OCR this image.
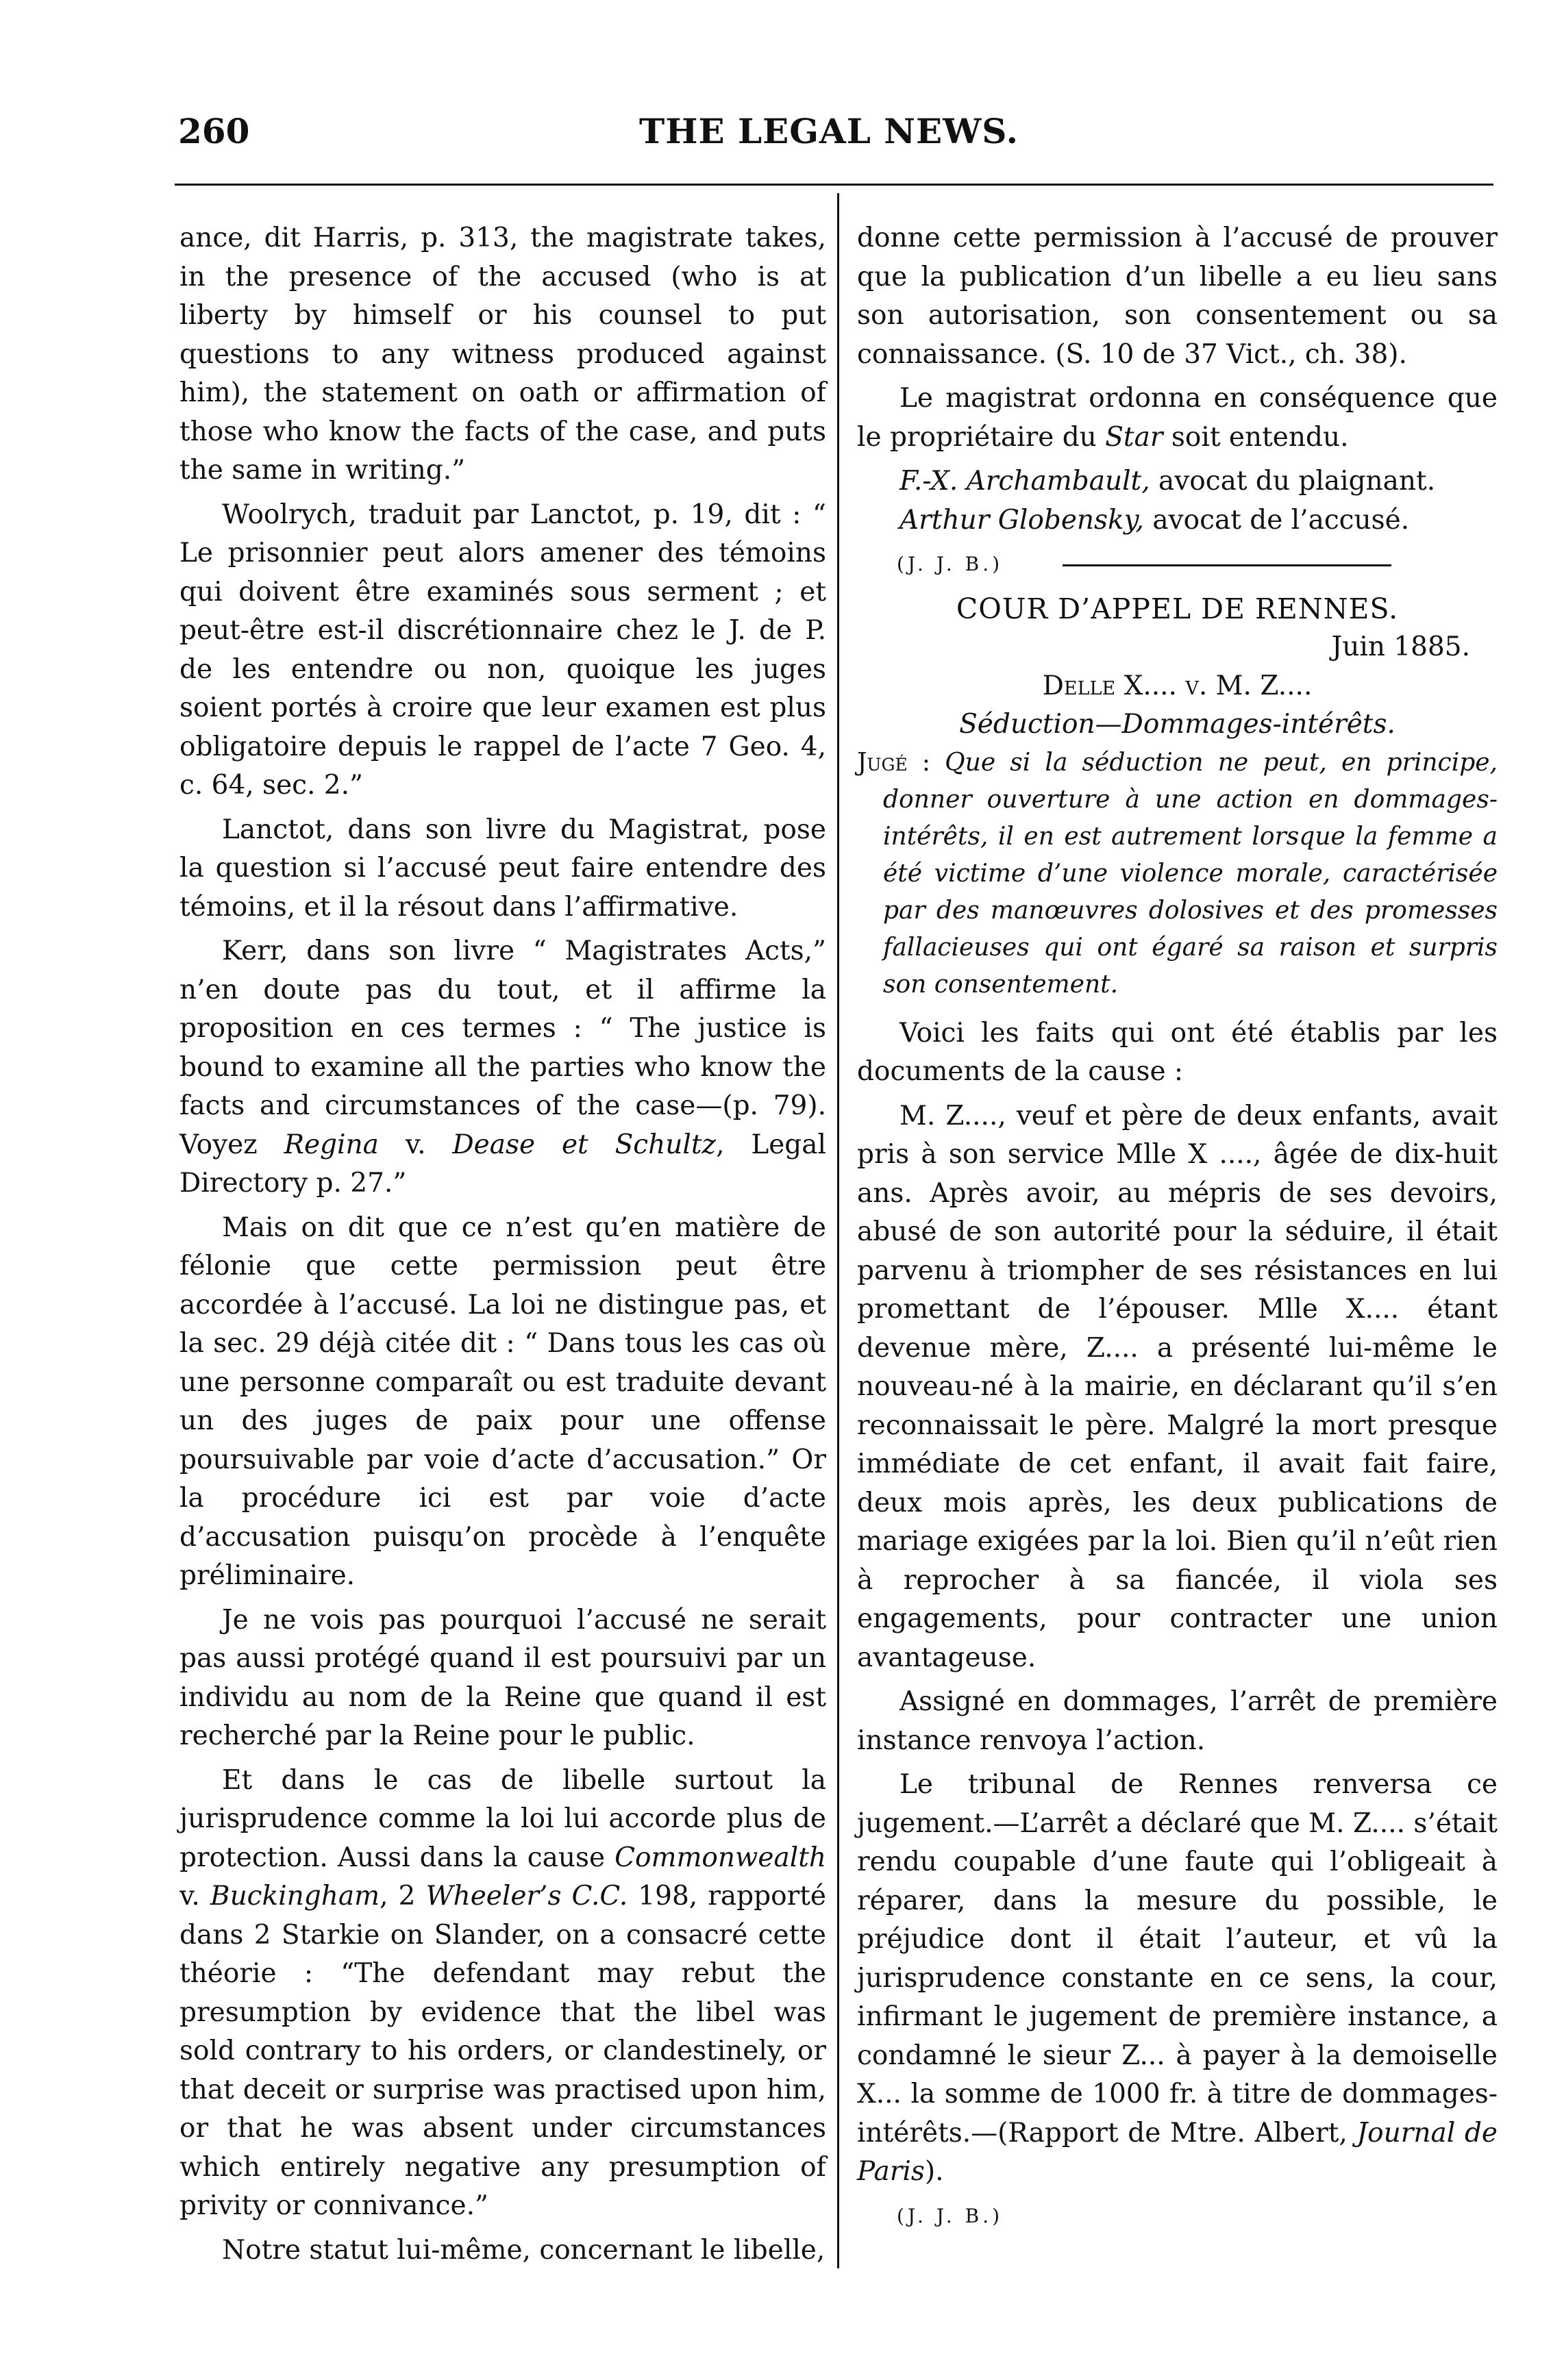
260	THE LEGAL NEWS.

ance, dit Harris, p. 313, the magistrate takes, in the presence of the accused (who is at liberty by himself or his counsel to put questions to any witness produced against him), the statement on oath or affirmation of those who know the facts of the case, and puts the same in writing.”

Woolrych, traduit par Lanctot, p. 19, dit : “ Le prisonnier peut alors amener des témoins qui doivent être examinés sous serment ; et peut-être est-il discrétionnaire chez le J. de P. de les entendre ou non, quoique les juges soient portés à croire que leur examen est plus obligatoire depuis le rappel de l’acte 7 Geo. 4, c. 64, sec. 2.”

Lanctot, dans son livre du Magistrat, pose la question si l’accusé peut faire entendre des témoins, et il la résout dans l’affirmative.

Kerr, dans son livre “ Magistrates Acts,” n’en doute pas du tout, et il affirme la proposition en ces termes : “ The justice is bound to examine all the parties who know the facts and circumstances of the case—(p. 79). Voyez Regina v. Dease et Schultz, Legal Directory p. 27.”

Mais on dit que ce n’est qu’en matière de félonie que cette permission peut être accordée à l’accusé. La loi ne distingue pas, et la sec. 29 déjà citée dit : “ Dans tous les cas où une personne comparaît ou est traduite devant un des juges de paix pour une offense poursuivable par voie d’acte d’accusation.” Or la procédure ici est par voie d’acte d’accusation puisqu’on procède à l’enquête préliminaire.

Je ne vois pas pourquoi l’accusé ne serait pas aussi protégé quand il est poursuivi par un individu au nom de la Reine que quand il est recherché par la Reine pour le public.

Et dans le cas de libelle surtout la jurisprudence comme la loi lui accorde plus de protection. Aussi dans la cause Commonwealth v. Buckingham, 2 Wheeler’s C.C. 198, rapporté dans 2 Starkie on Slander, on a consacré cette théorie : “The defendant may rebut the presumption by evidence that the libel was sold contrary to his orders, or clandestinely, or that deceit or surprise was practised upon him, or that he was absent under circumstances which entirely negative any presumption of privity or connivance.”

Notre statut lui-même, concernant le libelle,

donne cette permission à l’accusé de prouver que la publication d’un libelle a eu lieu sans son autorisation, son consentement ou sa connaissance. (S. 10 de 37 Vict., ch. 38).

Le magistrat ordonna en conséquence que le propriétaire du Star soit entendu.

F.-X. Archambault, avocat du plaignant.

Arthur Globensky, avocat de l’accusé.

(J. J. B.)
COUR D’APPEL DE RENNES.
Juin 1885.
Delle X.... v. M. Z....
Séduction—Dommages-intérêts.
Jugé : Que si la séduction ne peut, en principe, donner ouverture à une action en dommages-intérêts, il en est autrement lorsque la femme a été victime d’une violence morale, caractérisée par des manœuvres dolosives et des promesses fallacieuses qui ont égaré sa raison et surpris son consentement.

Voici les faits qui ont été établis par les documents de la cause :

M. Z...., veuf et père de deux enfants, avait pris à son service Mlle X ...., âgée de dix-huit ans. Après avoir, au mépris de ses devoirs, abusé de son autorité pour la séduire, il était parvenu à triompher de ses résistances en lui promettant de l’épouser. Mlle X.... étant devenue mère, Z.... a présenté lui-même le nouveau-né à la mairie, en déclarant qu’il s’en reconnaissait le père. Malgré la mort presque immédiate de cet enfant, il avait fait faire, deux mois après, les deux publications de mariage exigées par la loi. Bien qu’il n’eût rien à reprocher à sa fiancée, il viola ses engagements, pour contracter une union avantageuse.

Assigné en dommages, l’arrêt de première instance renvoya l’action.

Le tribunal de Rennes renversa ce jugement.—L’arrêt a déclaré que M. Z.... s’était rendu coupable d’une faute qui l’obligeait à réparer, dans la mesure du possible, le préjudice dont il était l’auteur, et vû la jurisprudence constante en ce sens, la cour, infirmant le jugement de première instance, a condamné le sieur Z... à payer à la demoiselle X... la somme de 1000 fr. à titre de dommages-intérêts.—(Rapport de Mtre. Albert, Journal de Paris).

(J. J. B.)
